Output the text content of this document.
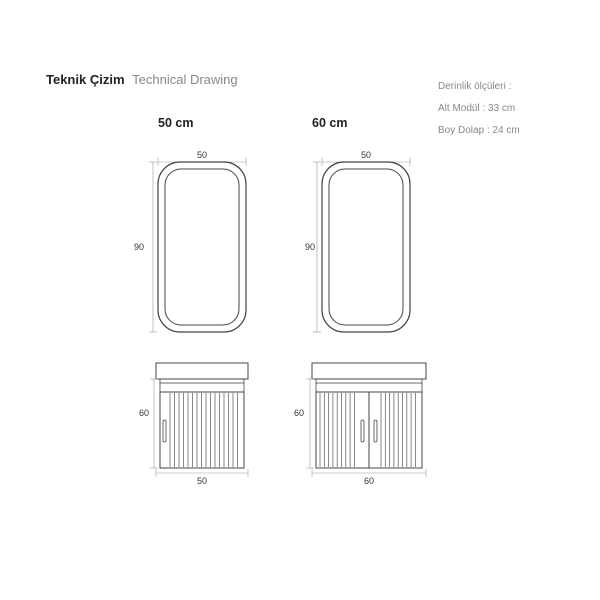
Teknik Çizim Technical Drawing	Derinlik ölçüleri :
Alt Modül : 33 cm
Boy Dolap : 24 cm
50 cm	60 cm
50
90
50
60
50
90
60
60
